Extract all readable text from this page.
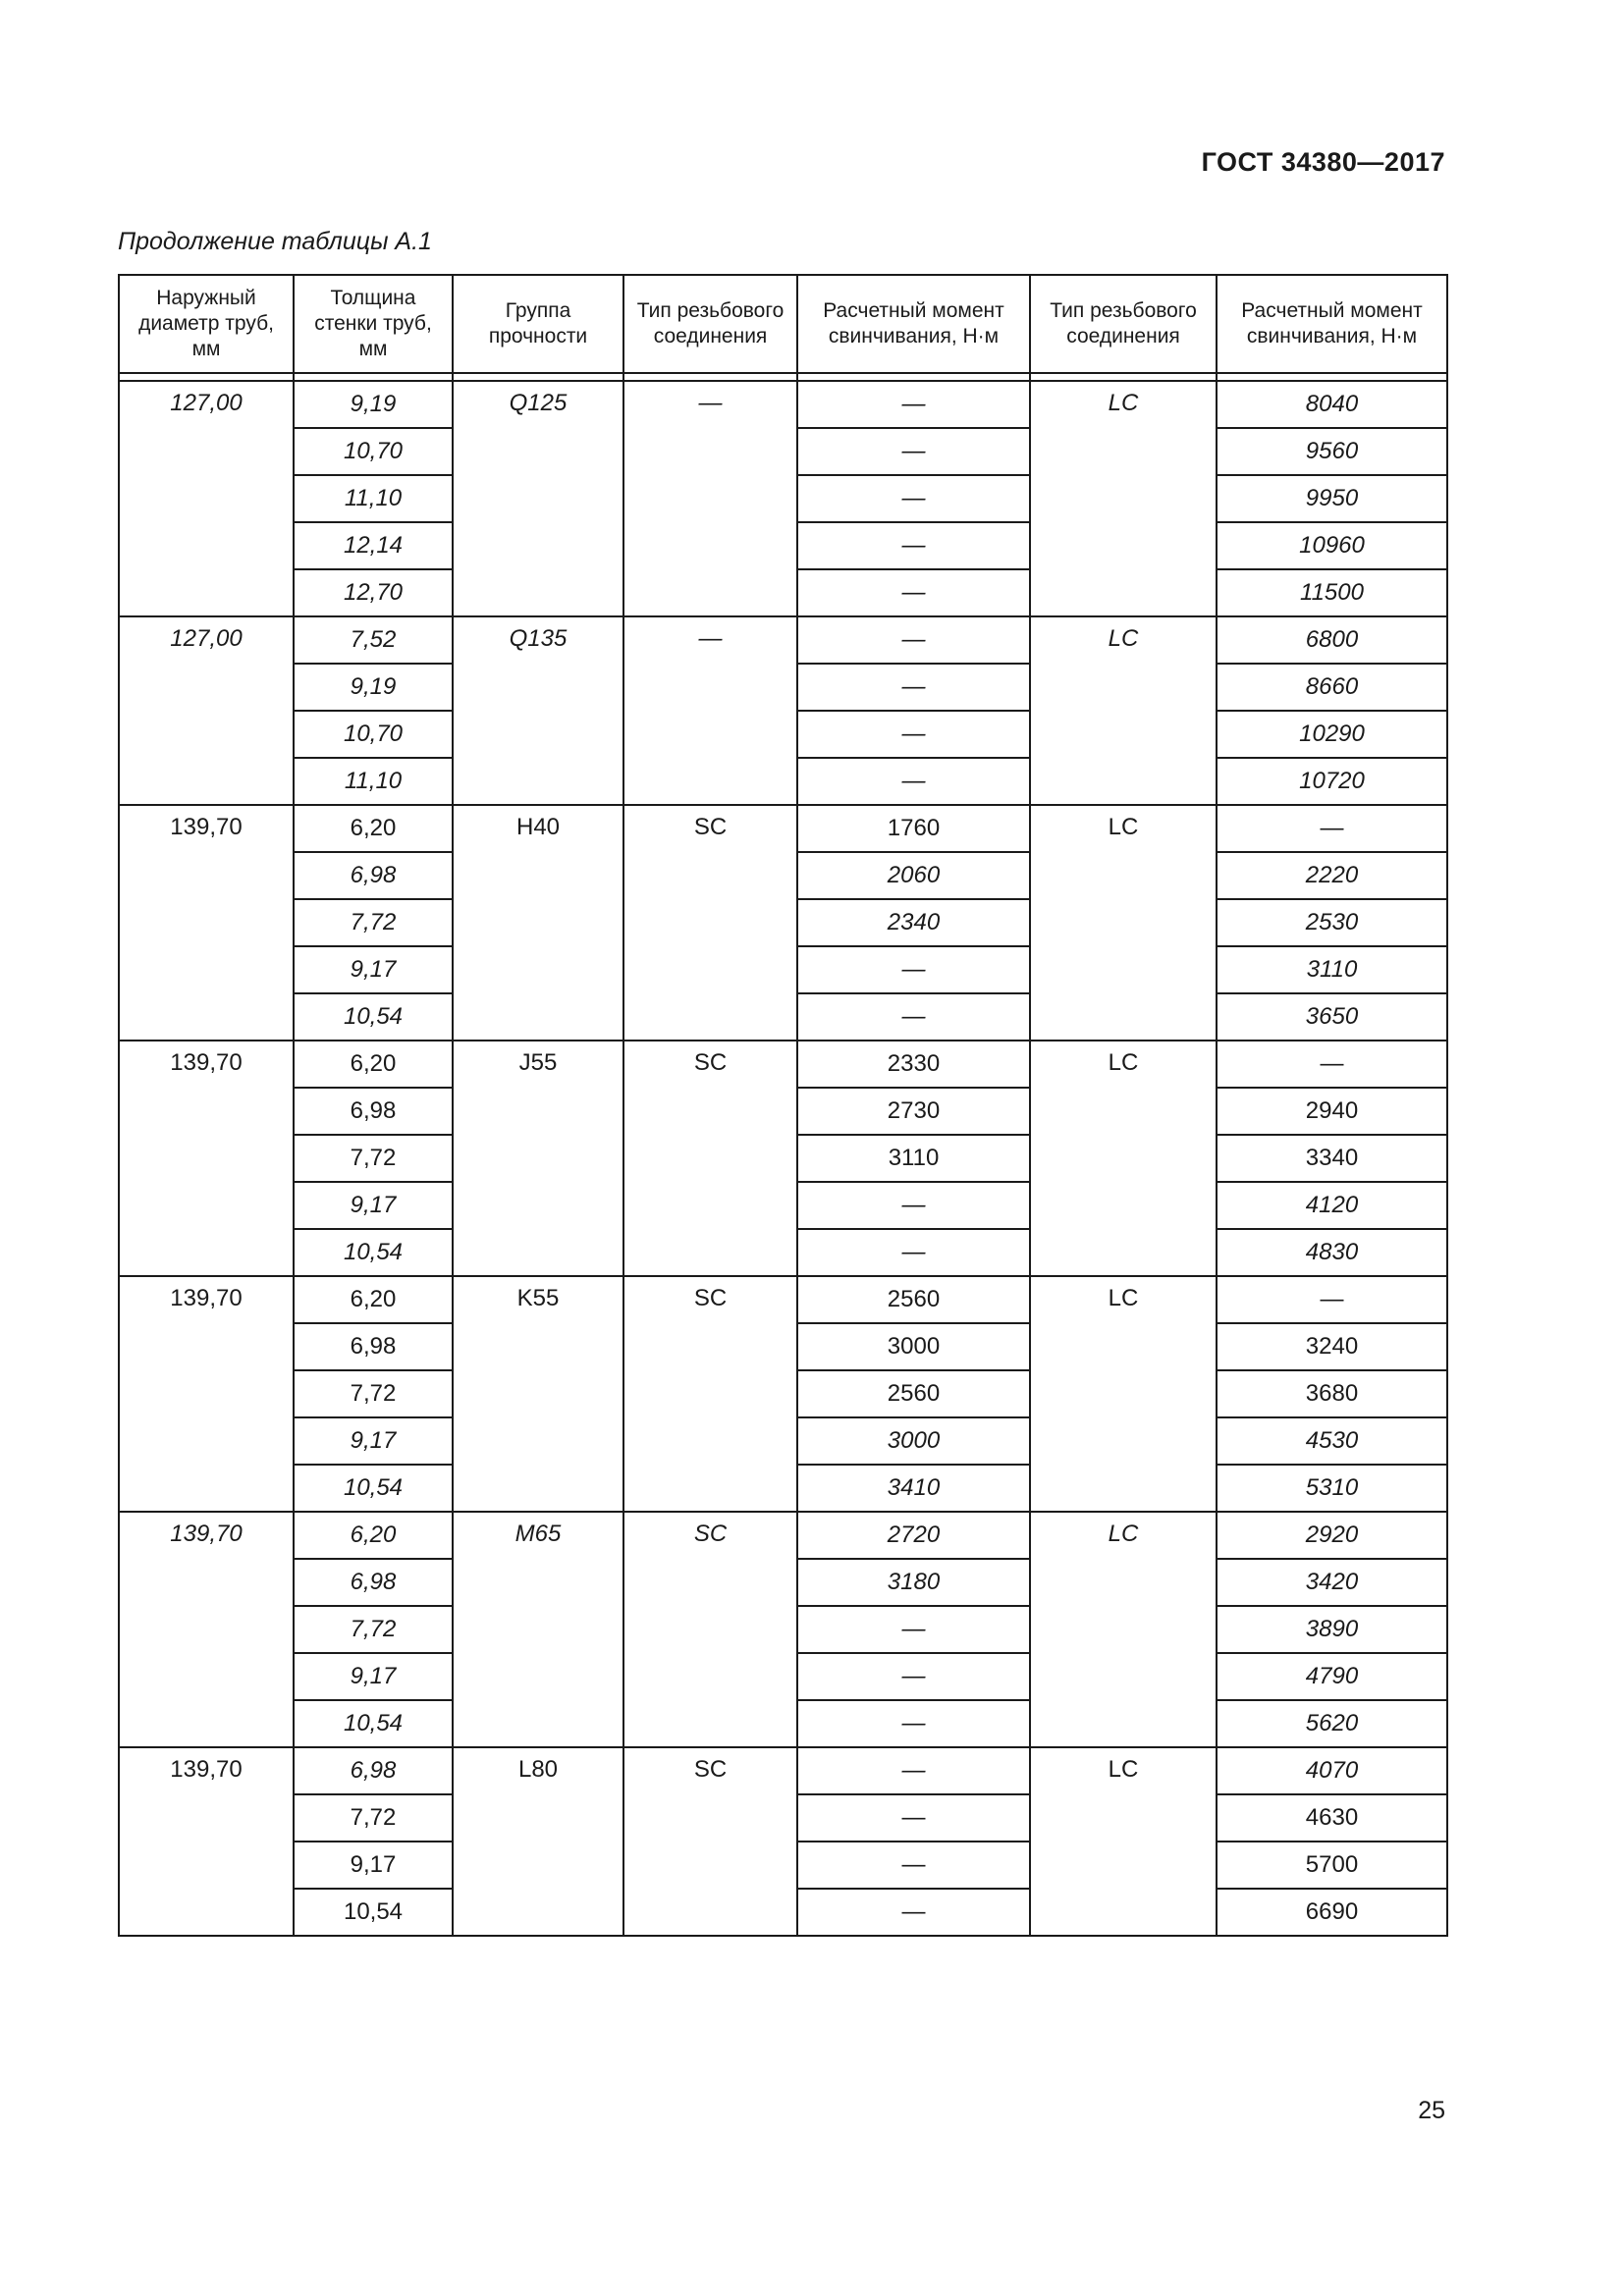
ГОСТ 34380—2017
Продолжение таблицы А.1
Наружный диаметр труб, мм	Толщина стенки труб, мм	Группа прочности	Тип резьбового соединения	Расчетный момент свинчивания, Н·м	Тип резьбового соединения	Расчетный момент свинчивания, Н·м

127,00	9,19	Q125	—	—	LC	8040
	10,70			—		9560
	11,10			—		9950
	12,14			—		10960
	12,70			—		11500
127,00	7,52	Q135	—	—	LC	6800
	9,19			—		8660
	10,70			—		10290
	11,10			—		10720
139,70	6,20	H40	SC	1760	LC	—
	6,98			2060		2220
	7,72			2340		2530
	9,17			—		3110
	10,54			—		3650
139,70	6,20	J55	SC	2330	LC	—
	6,98			2730		2940
	7,72			3110		3340
	9,17			—		4120
	10,54			—		4830
139,70	6,20	K55	SC	2560	LC	—
	6,98			3000		3240
	7,72			2560		3680
	9,17			3000		4530
	10,54			3410		5310
139,70	6,20	M65	SC	2720	LC	2920
	6,98			3180		3420
	7,72			—		3890
	9,17			—		4790
	10,54			—		5620
139,70	6,98	L80	SC	—	LC	4070
	7,72			—		4630
	9,17			—		5700
	10,54			—		6690
25
